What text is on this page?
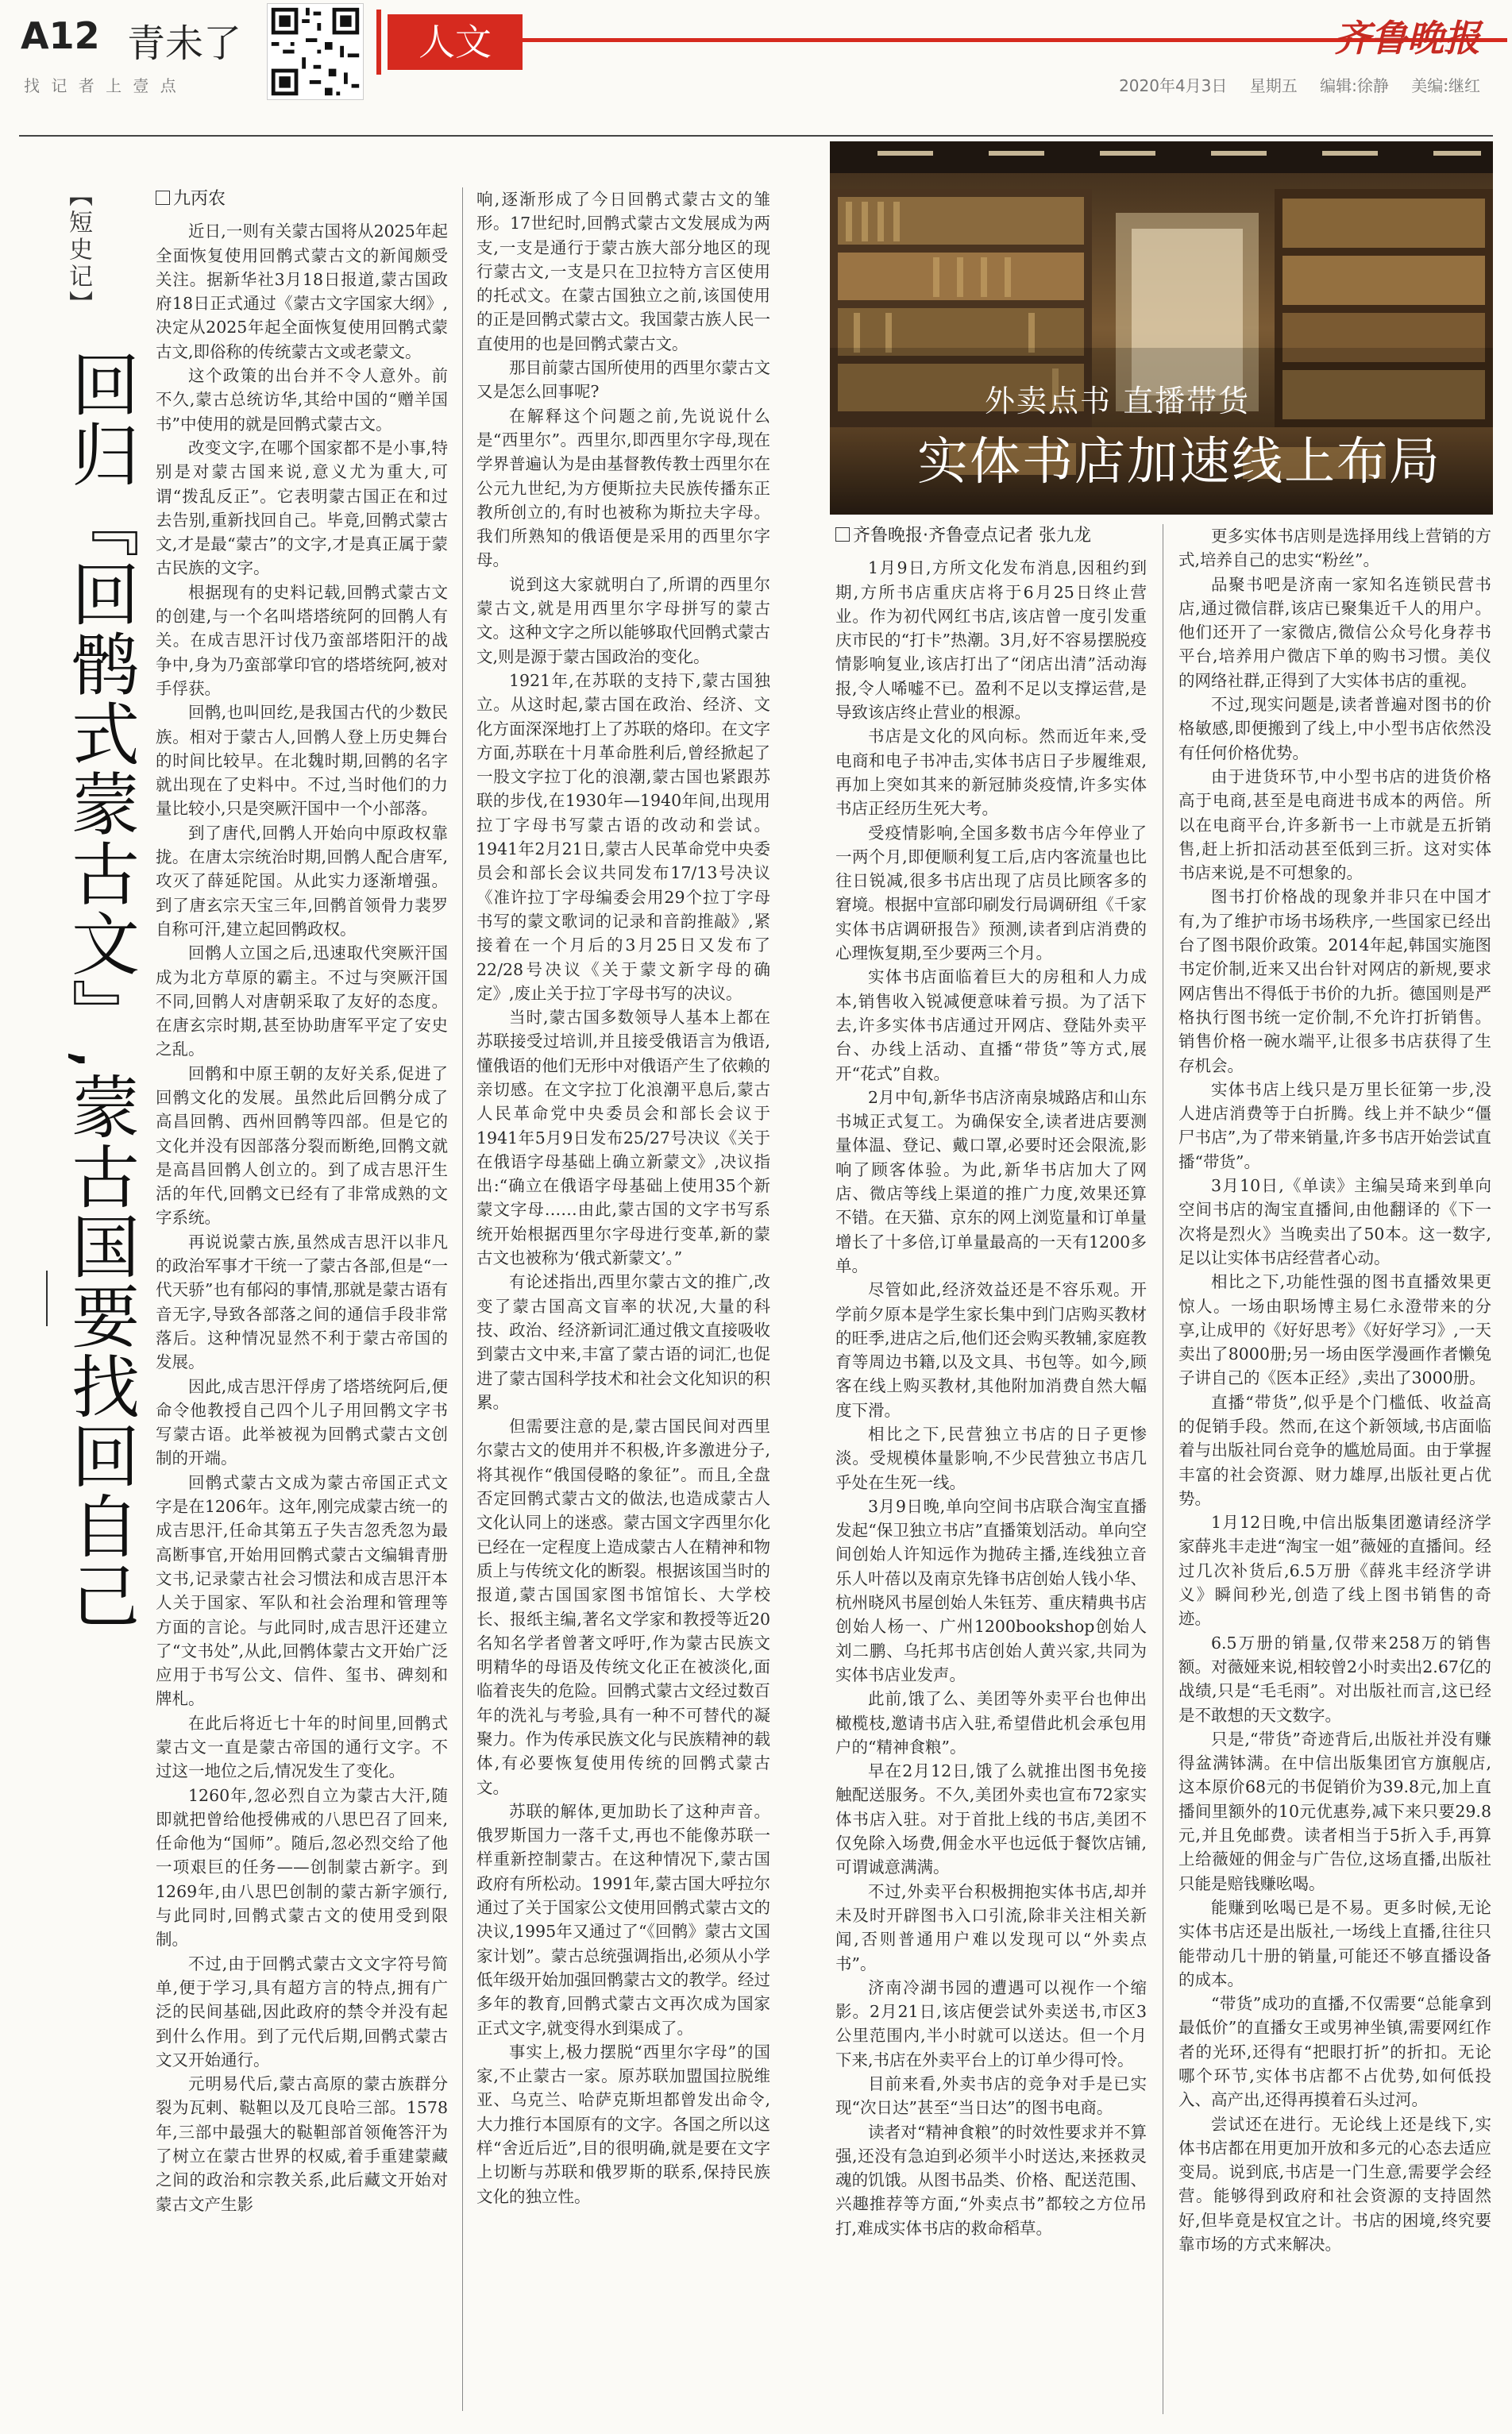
A12 青未了	人文
找 记 者 上 壹 点
齐鲁晚报
2020年4月3日 星期五 编辑:徐静 美编:继红
【短史记】
回归『回鹘式蒙古文』,蒙古国要找回自己

九丙农

近日,一则有关蒙古国将从2025年起全面恢复使用回鹘式蒙古文的新闻颇受关注。据新华社3月18日报道,蒙古国政府18日正式通过《蒙古文字国家大纲》,决定从2025年起全面恢复使用回鹘式蒙古文,即俗称的传统蒙古文或老蒙文。

这个政策的出台并不令人意外。前不久,蒙古总统访华,其给中国的“赠羊国书”中使用的就是回鹘式蒙古文。

改变文字,在哪个国家都不是小事,特别是对蒙古国来说,意义尤为重大,可谓“拨乱反正”。它表明蒙古国正在和过去告别,重新找回自己。毕竟,回鹘式蒙古文,才是最“蒙古”的文字,才是真正属于蒙古民族的文字。

根据现有的史料记载,回鹘式蒙古文的创建,与一个名叫塔塔统阿的回鹘人有关。在成吉思汗讨伐乃蛮部塔阳汗的战争中,身为乃蛮部掌印官的塔塔统阿,被对手俘获。

回鹘,也叫回纥,是我国古代的少数民族。相对于蒙古人,回鹘人登上历史舞台的时间比较早。在北魏时期,回鹘的名字就出现在了史料中。不过,当时他们的力量比较小,只是突厥汗国中一个小部落。

到了唐代,回鹘人开始向中原政权靠拢。在唐太宗统治时期,回鹘人配合唐军,攻灭了薛延陀国。从此实力逐渐增强。到了唐玄宗天宝三年,回鹘首领骨力裴罗自称可汗,建立起回鹘政权。

回鹘人立国之后,迅速取代突厥汗国成为北方草原的霸主。不过与突厥汗国不同,回鹘人对唐朝采取了友好的态度。在唐玄宗时期,甚至协助唐军平定了安史之乱。

回鹘和中原王朝的友好关系,促进了回鹘文化的发展。虽然此后回鹘分成了高昌回鹘、西州回鹘等四部。但是它的文化并没有因部落分裂而断绝,回鹘文就是高昌回鹘人创立的。到了成吉思汗生活的年代,回鹘文已经有了非常成熟的文字系统。

再说说蒙古族,虽然成吉思汗以非凡的政治军事才干统一了蒙古各部,但是“一代天骄”也有郁闷的事情,那就是蒙古语有音无字,导致各部落之间的通信手段非常落后。这种情况显然不利于蒙古帝国的发展。

因此,成吉思汗俘虏了塔塔统阿后,便命令他教授自己四个儿子用回鹘文字书写蒙古语。此举被视为回鹘式蒙古文创制的开端。

回鹘式蒙古文成为蒙古帝国正式文字是在1206年。这年,刚完成蒙古统一的成吉思汗,任命其第五子失吉忽秃忽为最高断事官,开始用回鹘式蒙古文编辑青册文书,记录蒙古社会习惯法和成吉思汗本人关于国家、军队和社会治理和管理等方面的言论。与此同时,成吉思汗还建立了“文书处”,从此,回鹘体蒙古文开始广泛应用于书写公文、信件、玺书、碑刻和牌札。

在此后将近七十年的时间里,回鹘式蒙古文一直是蒙古帝国的通行文字。不过这一地位之后,情况发生了变化。

1260年,忽必烈自立为蒙古大汗,随即就把曾给他授佛戒的八思巴召了回来,任命他为“国师”。随后,忽必烈交给了他一项艰巨的任务——创制蒙古新字。到1269年,由八思巴创制的蒙古新字颁行,与此同时,回鹘式蒙古文的使用受到限制。

不过,由于回鹘式蒙古文文字符号简单,便于学习,具有超方言的特点,拥有广泛的民间基础,因此政府的禁令并没有起到什么作用。到了元代后期,回鹘式蒙古文又开始通行。

元明易代后,蒙古高原的蒙古族群分裂为瓦剌、鞑靼以及兀良哈三部。1578年,三部中最强大的鞑靼部首领俺答汗为了树立在蒙古世界的权威,着手重建蒙藏之间的政治和宗教关系,此后藏文开始对蒙古文产生影

响,逐渐形成了今日回鹘式蒙古文的雏形。17世纪时,回鹘式蒙古文发展成为两支,一支是通行于蒙古族大部分地区的现行蒙古文,一支是只在卫拉特方言区使用的托忒文。在蒙古国独立之前,该国使用的正是回鹘式蒙古文。我国蒙古族人民一直使用的也是回鹘式蒙古文。

那目前蒙古国所使用的西里尔蒙古文又是怎么回事呢?

在解释这个问题之前,先说说什么是“西里尔”。西里尔,即西里尔字母,现在学界普遍认为是由基督教传教士西里尔在公元九世纪,为方便斯拉夫民族传播东正教所创立的,有时也被称为斯拉夫字母。我们所熟知的俄语便是采用的西里尔字母。

说到这大家就明白了,所谓的西里尔蒙古文,就是用西里尔字母拼写的蒙古文。这种文字之所以能够取代回鹘式蒙古文,则是源于蒙古国政治的变化。

1921年,在苏联的支持下,蒙古国独立。从这时起,蒙古国在政治、经济、文化方面深深地打上了苏联的烙印。在文字方面,苏联在十月革命胜利后,曾经掀起了一股文字拉丁化的浪潮,蒙古国也紧跟苏联的步伐,在1930年—1940年间,出现用拉丁字母书写蒙古语的改动和尝试。1941年2月21日,蒙古人民革命党中央委员会和部长会议共同发布17/13号决议《准许拉丁字母编委会用29个拉丁字母书写的蒙文歌词的记录和音韵推敲》,紧接着在一个月后的3月25日又发布了22/28号决议《关于蒙文新字母的确定》,废止关于拉丁字母书写的决议。

当时,蒙古国多数领导人基本上都在苏联接受过培训,并且接受俄语言为俄语,懂俄语的他们无形中对俄语产生了依赖的亲切感。在文字拉丁化浪潮平息后,蒙古人民革命党中央委员会和部长会议于1941年5月9日发布25/27号决议《关于在俄语字母基础上确立新蒙文》,决议指出:“确立在俄语字母基础上使用35个新蒙文字母……由此,蒙古国的文字书写系统开始根据西里尔字母进行变革,新的蒙古文也被称为‘俄式新蒙文’。”

有论述指出,西里尔蒙古文的推广,改变了蒙古国高文盲率的状况,大量的科技、政治、经济新词汇通过俄文直接吸收到蒙古文中来,丰富了蒙古语的词汇,也促进了蒙古国科学技术和社会文化知识的积累。

但需要注意的是,蒙古国民间对西里尔蒙古文的使用并不积极,许多激进分子,将其视作“俄国侵略的象征”。而且,全盘否定回鹘式蒙古文的做法,也造成蒙古人文化认同上的迷惑。蒙古国文字西里尔化已经在一定程度上造成蒙古人在精神和物质上与传统文化的断裂。根据该国当时的报道,蒙古国国家图书馆馆长、大学校长、报纸主编,著名文学家和教授等近20名知名学者曾著文呼吁,作为蒙古民族文明精华的母语及传统文化正在被淡化,面临着丧失的危险。回鹘式蒙古文经过数百年的洗礼与考验,具有一种不可替代的凝聚力。作为传承民族文化与民族精神的载体,有必要恢复使用传统的回鹘式蒙古文。

苏联的解体,更加助长了这种声音。俄罗斯国力一落千丈,再也不能像苏联一样重新控制蒙古。在这种情况下,蒙古国政府有所松动。1991年,蒙古国大呼拉尔通过了关于国家公文使用回鹘式蒙古文的决议,1995年又通过了“《回鹘》蒙古文国家计划”。蒙古总统强调指出,必须从小学低年级开始加强回鹘蒙古文的教学。经过多年的教育,回鹘式蒙古文再次成为国家正式文字,就变得水到渠成了。

事实上,极力摆脱“西里尔字母”的国家,不止蒙古一家。原苏联加盟国拉脱维亚、乌克兰、哈萨克斯坦都曾发出命令,大力推行本国原有的文字。各国之所以这样“舍近后近”,目的很明确,就是要在文字上切断与苏联和俄罗斯的联系,保持民族文化的独立性。

外卖点书 直播带货
实体书店加速线上布局

齐鲁晚报·齐鲁壹点记者 张九龙

1月9日,方所文化发布消息,因租约到期,方所书店重庆店将于6月25日终止营业。作为初代网红书店,该店曾一度引发重庆市民的“打卡”热潮。3月,好不容易摆脱疫情影响复业,该店打出了“闭店出清”活动海报,令人唏嘘不已。盈利不足以支撑运营,是导致该店终止营业的根源。

书店是文化的风向标。然而近年来,受电商和电子书冲击,实体书店日子步履维艰,再加上突如其来的新冠肺炎疫情,许多实体书店正经历生死大考。

受疫情影响,全国多数书店今年停业了一两个月,即便顺利复工后,店内客流量也比往日锐减,很多书店出现了店员比顾客多的窘境。根据中宣部印刷发行局调研组《千家实体书店调研报告》预测,读者到店消费的心理恢复期,至少要两三个月。

实体书店面临着巨大的房租和人力成本,销售收入锐减便意味着亏损。为了活下去,许多实体书店通过开网店、登陆外卖平台、办线上活动、直播“带货”等方式,展开“花式”自救。

2月中旬,新华书店济南泉城路店和山东书城正式复工。为确保安全,读者进店要测量体温、登记、戴口罩,必要时还会限流,影响了顾客体验。为此,新华书店加大了网店、微店等线上渠道的推广力度,效果还算不错。在天猫、京东的网上浏览量和订单量增长了十多倍,订单量最高的一天有1200多单。

尽管如此,经济效益还是不容乐观。开学前夕原本是学生家长集中到门店购买教材的旺季,进店之后,他们还会购买教辅,家庭教育等周边书籍,以及文具、书包等。如今,顾客在线上购买教材,其他附加消费自然大幅度下滑。

相比之下,民营独立书店的日子更惨淡。受规模体量影响,不少民营独立书店几乎处在生死一线。

3月9日晚,单向空间书店联合淘宝直播发起“保卫独立书店”直播策划活动。单向空间创始人许知远作为抛砖主播,连线独立音乐人叶蓓以及南京先锋书店创始人钱小华、杭州晓风书屋创始人朱钰芳、重庆精典书店创始人杨一、广州1200bookshop创始人刘二鹏、乌托邦书店创始人黄兴家,共同为实体书店业发声。

此前,饿了么、美团等外卖平台也伸出橄榄枝,邀请书店入驻,希望借此机会承包用户的“精神食粮”。

早在2月12日,饿了么就推出图书免接触配送服务。不久,美团外卖也宣布72家实体书店入驻。对于首批上线的书店,美团不仅免除入场费,佣金水平也远低于餐饮店铺,可谓诚意满满。

不过,外卖平台积极拥抱实体书店,却并未及时开辟图书入口引流,除非关注相关新闻,否则普通用户难以发现可以“外卖点书”。

济南冷湖书园的遭遇可以视作一个缩影。2月21日,该店便尝试外卖送书,市区3公里范围内,半小时就可以送达。但一个月下来,书店在外卖平台上的订单少得可怜。

目前来看,外卖书店的竞争对手是已实现“次日达”甚至“当日达”的图书电商。

读者对“精神食粮”的时效性要求并不算强,还没有急迫到必须半小时送达,来拯救灵魂的饥饿。从图书品类、价格、配送范围、兴趣推荐等方面,“外卖点书”都较之方位吊打,难成实体书店的救命稻草。

更多实体书店则是选择用线上营销的方式,培养自己的忠实“粉丝”。

品聚书吧是济南一家知名连锁民营书店,通过微信群,该店已聚集近千人的用户。他们还开了一家微店,微信公众号化身荐书平台,培养用户微店下单的购书习惯。美仪的网络社群,正得到了大实体书店的重视。

不过,现实问题是,读者普遍对图书的价格敏感,即便搬到了线上,中小型书店依然没有任何价格优势。

由于进货环节,中小型书店的进货价格高于电商,甚至是电商进书成本的两倍。所以在电商平台,许多新书一上市就是五折销售,赶上折扣活动甚至低到三折。这对实体书店来说,是不可想象的。

图书打价格战的现象并非只在中国才有,为了维护市场书场秩序,一些国家已经出台了图书限价政策。2014年起,韩国实施图书定价制,近来又出台针对网店的新规,要求网店售出不得低于书价的九折。德国则是严格执行图书统一定价制,不允许打折销售。销售价格一碗水端平,让很多书店获得了生存机会。

实体书店上线只是万里长征第一步,没人进店消费等于白折腾。线上并不缺少“僵尸书店”,为了带来销量,许多书店开始尝试直播“带货”。

3月10日,《单读》主编吴琦来到单向空间书店的淘宝直播间,由他翻译的《下一次将是烈火》当晚卖出了50本。这一数字,足以让实体书店经营者心动。

相比之下,功能性强的图书直播效果更惊人。一场由职场博主易仁永澄带来的分享,让成甲的《好好思考》《好好学习》,一天卖出了8000册;另一场由医学漫画作者懒兔子讲自己的《医本正经》,卖出了3000册。

直播“带货”,似乎是个门槛低、收益高的促销手段。然而,在这个新领域,书店面临着与出版社同台竞争的尴尬局面。由于掌握丰富的社会资源、财力雄厚,出版社更占优势。

1月12日晚,中信出版集团邀请经济学家薛兆丰走进“淘宝一姐”薇娅的直播间。经过几次补货后,6.5万册《薛兆丰经济学讲义》瞬间秒光,创造了线上图书销售的奇迹。

6.5万册的销量,仅带来258万的销售额。对薇娅来说,相较曾2小时卖出2.67亿的战绩,只是“毛毛雨”。对出版社而言,这已经是不敢想的天文数字。

只是,“带货”奇迹背后,出版社并没有赚得盆满钵满。在中信出版集团官方旗舰店,这本原价68元的书促销价为39.8元,加上直播间里额外的10元优惠券,减下来只要29.8元,并且免邮费。读者相当于5折入手,再算上给薇娅的佣金与广告位,这场直播,出版社只能是赔钱赚吆喝。

能赚到吆喝已是不易。更多时候,无论实体书店还是出版社,一场线上直播,往往只能带动几十册的销量,可能还不够直播设备的成本。

“带货”成功的直播,不仅需要“总能拿到最低价”的直播女王或男神坐镇,需要网红作者的光环,还得有“把眼打折”的折扣。无论哪个环节,实体书店都不占优势,如何低投入、高产出,还得再摸着石头过河。

尝试还在进行。无论线上还是线下,实体书店都在用更加开放和多元的心态去适应变局。说到底,书店是一门生意,需要学会经营。能够得到政府和社会资源的支持固然好,但毕竟是权宜之计。书店的困境,终究要靠市场的方式来解决。
